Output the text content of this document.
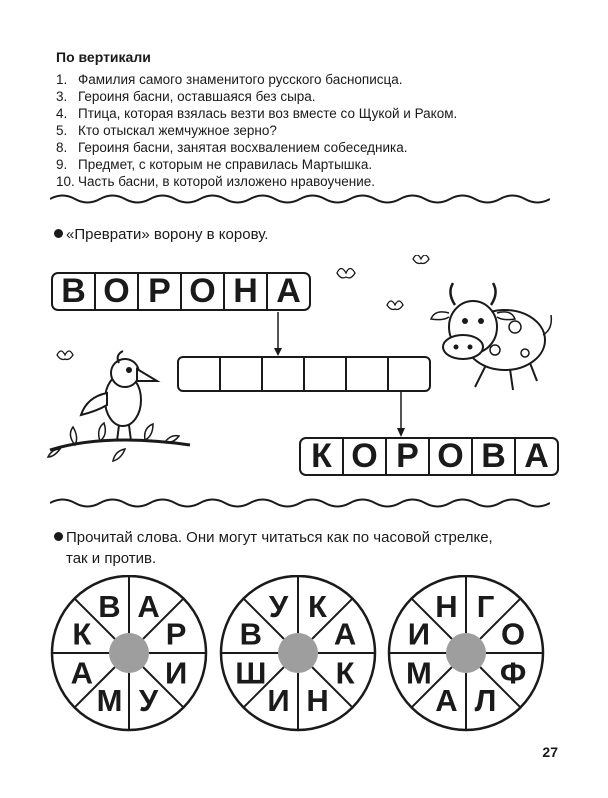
По вертикали
1. Фамилия самого знаменитого русского баснописца.
3. Героиня басни, оставшаяся без сыра.
4. Птица, которая взялась везти воз вместе со Щукой и Раком.
5. Кто отыскал жемчужное зерно?
8. Героиня басни, занятая восхвалением собеседника.
9. Предмет, с которым не справилась Мартышка.
10. Часть басни, в которой изложено нравоучение.
«Преврати» ворону в корову.
В О Р О Н А
К О Р О В А
Прочитай слова. Они могут читаться как по часовой стрелке,
так и против.
А
Р
И
У
М
А
К
В	К
А
К
Н
И
Ш
В
У	Г
О
Ф
Л
А
М
И
Н
27
